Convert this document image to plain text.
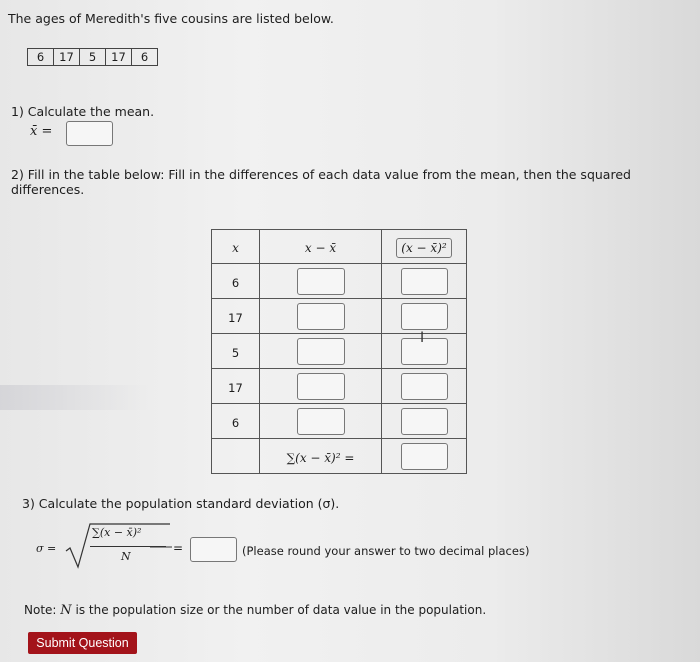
The ages of Meredith's five cousins are listed below.
6	17	5	17	6
1) Calculate the mean.
x̄ =
2) Fill in the table below: Fill in the differences of each data value from the mean, then the squared
differences.
x	x − x̄	(x − x̄)²
6		
17		
5		
17		
6		
	∑(x − x̄)² =	
I
3) Calculate the population standard deviation (σ).
σ =
∑(x − x̄)²
N
=	(Please round your answer to two decimal places)
Note: N is the population size or the number of data value in the population.
Submit Question
